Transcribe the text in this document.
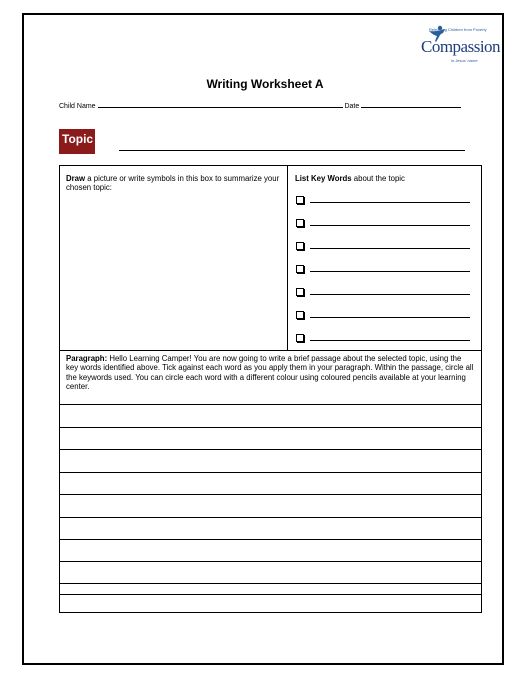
Releasing Children from Poverty
Compassion
in Jesus' name
Writing Worksheet A
Child Name	Date
Topic
Draw a picture or write symbols in this box to summarize your chosen topic:
List Key Words about the topic
Paragraph: Hello Learning Camper! You are now going to write a brief passage about the selected topic, using the key words identified above. Tick against each word as you apply them in your paragraph. Within the passage, circle all the keywords used. You can circle each word with a different colour using coloured pencils available at your learning center.
